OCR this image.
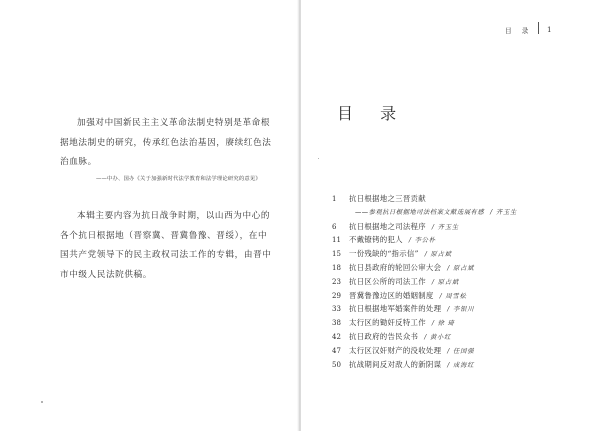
加强对中国新民主主义革命法制史特别是革命根据地法制史的研究，传承红色法治基因，赓续红色法治血脉。

——中办、国办《关于加强新时代法学教育和法学理论研究的意见》

本辑主要内容为抗日战争时期，以山西为中心的各个抗日根据地（晋察冀、晋冀鲁豫、晋绥），在中国共产党领导下的民主政权司法工作的专辑，由晋中市中级人民法院供稿。

目 录 1
目 录
1	抗日根据地之三晋贡献
——参观抗日根据地司法档案文献选展有感 / 齐玉生
6	抗日根据地之司法程序 / 齐玉生
11	不戴镣铐的犯人 / 李公朴
15	一份残缺的“指示信” / 原占斌
18	抗日县政府的轮回公审大会 / 原占斌
23	抗日区公所的司法工作 / 原占斌
29	晋冀鲁豫边区的婚姻制度 / 周雪松
33	抗日根据地军婚案件的处理 / 李银川
38	太行区的锄奸反特工作 / 徐 琦
42	抗日政府的告民众书 / 黄小红
47	太行区汉奸财产的没收处理 / 任国强
50	抗战期间反对敌人的新阴谋 / 成海红
